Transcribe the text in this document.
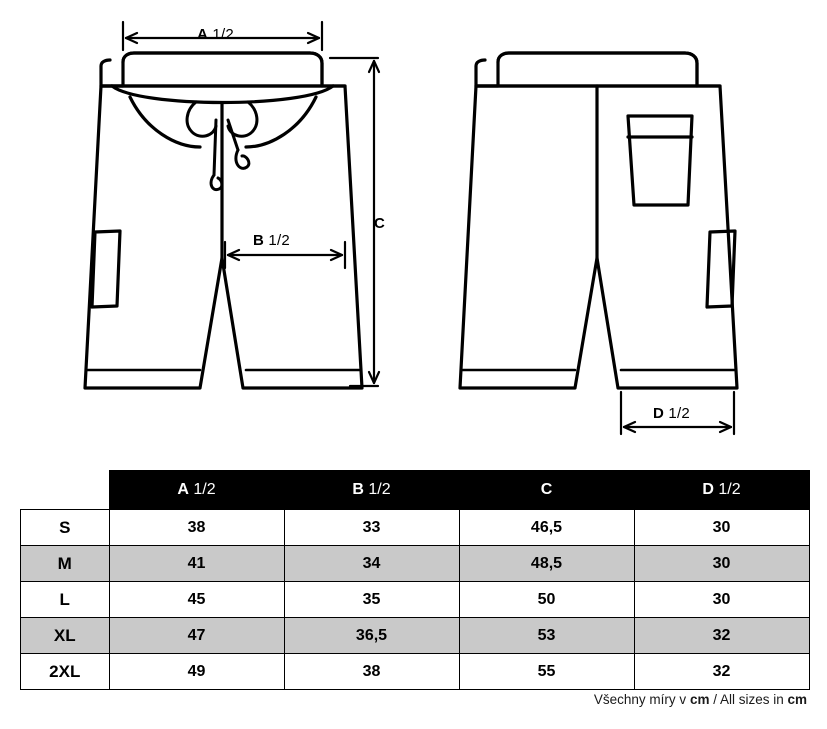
A 1/2
B 1/2
C
D 1/2
	A 1/2	B 1/2	C	D 1/2
S	38	33	46,5	30
M	41	34	48,5	30
L	45	35	50	30
XL	47	36,5	53	32
2XL	49	38	55	32
Všechny míry v cm / All sizes in cm
